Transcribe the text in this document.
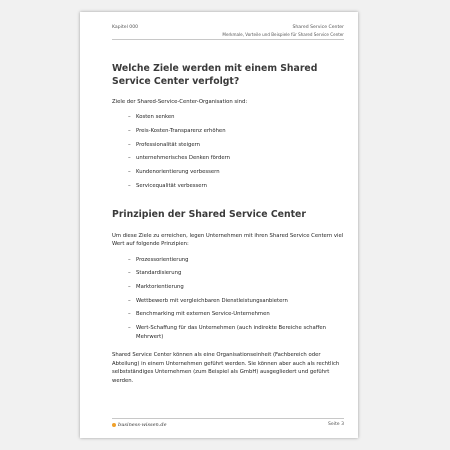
Kapitel 000	Shared Service Center
Merkmale, Vorteile und Beispiele für Shared Service Center
Welche Ziele werden mit einem Shared Service Center verfolgt?

Ziele der Shared-Service-Center-Organisation sind:

– Kosten senken
– Preis-Kosten-Transparenz erhöhen
– Professionalität steigern
– unternehmerisches Denken fördern
– Kundenorientierung verbessern
– Servicequalität verbessern
Prinzipien der Shared Service Center

Um diese Ziele zu erreichen, legen Unternehmen mit ihren Shared Service Centern viel Wert auf folgende Prinzipien:

– Prozessorientierung
– Standardisierung
– Marktorientierung
– Wettbewerb mit vergleichbaren Dienstleistungsanbietern
– Benchmarking mit externen Service-Unternehmen
– Wert-Schaffung für das Unternehmen (auch indirekte Bereiche schaffen Mehrwert)

Shared Service Center können als eine Organisationseinheit (Fachbereich oder Abteilung) in einem Unternehmen geführt werden. Sie können aber auch als rechtlich selbstständiges Unternehmen (zum Beispiel als GmbH) ausgegliedert und geführt werden.

business-wissen.de	Seite 3
